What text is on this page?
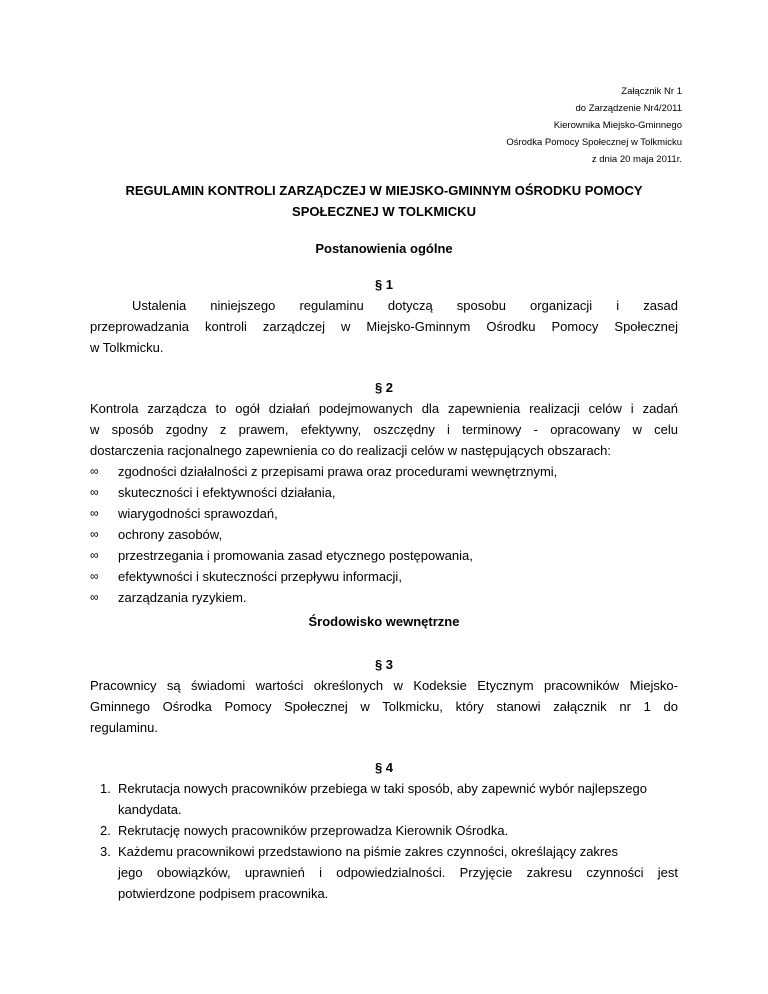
Załącznik Nr 1
do Zarządzenie Nr4/2011
Kierownika Miejsko-Gminnego
Ośrodka Pomocy Społecznej w Tolkmicku
z dnia 20 maja 2011r.
REGULAMIN KONTROLI ZARZĄDCZEJ W MIEJSKO-GMINNYM OŚRODKU POMOCY
SPOŁECZNEJ W TOLKMICKU
Postanowienia ogólne
§ 1
Ustalenia niniejszego regulaminu dotyczą sposobu organizacji i zasad
przeprowadzania kontroli zarządczej w Miejsko-Gminnym Ośrodku Pomocy Społecznej
w Tolkmicku.
§ 2
Kontrola zarządcza to ogół działań podejmowanych dla zapewnienia realizacji celów i zadań
w sposób zgodny z prawem, efektywny, oszczędny i terminowy - opracowany w celu
dostarczenia racjonalnego zapewnienia co do realizacji celów w następujących obszarach:
∞ zgodności działalności z przepisami prawa oraz procedurami wewnętrznymi,
∞ skuteczności i efektywności działania,
∞ wiarygodności sprawozdań,
∞ ochrony zasobów,
∞ przestrzegania i promowania zasad etycznego postępowania,
∞ efektywności i skuteczności przepływu informacji,
∞ zarządzania ryzykiem.
Środowisko wewnętrzne
§ 3
Pracownicy są świadomi wartości określonych w Kodeksie Etycznym pracowników Miejsko-
Gminnego Ośrodka Pomocy Społecznej w Tolkmicku, który stanowi załącznik nr 1 do
regulaminu.
§ 4
1. Rekrutacja nowych pracowników przebiega w taki sposób, aby zapewnić wybór najlepszego kandydata.
2. Rekrutację nowych pracowników przeprowadza Kierownik Ośrodka.
3. Każdemu pracownikowi przedstawiono na piśmie zakres czynności, określający zakres
jego obowiązków, uprawnień i odpowiedzialności. Przyjęcie zakresu czynności jest
potwierdzone podpisem pracownika.
